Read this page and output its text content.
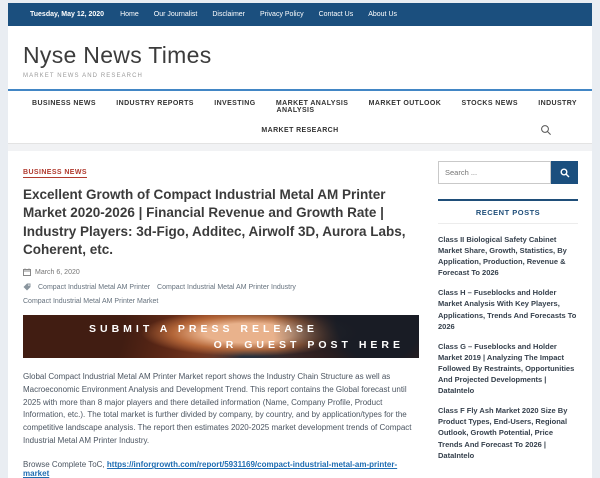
Tuesday, May 12, 2020 Home Our Journalist Disclaimer Privacy Policy Contact Us About Us
Nyse News Times
MARKET NEWS AND RESEARCH
BUSINESS NEWS	INDUSTRY REPORTS	INVESTING	MARKET ANALYSIS	MARKET OUTLOOK	STOCKS NEWS	INDUSTRY ANALYSIS
MARKET RESEARCH
BUSINESS NEWS
Excellent Growth of Compact Industrial Metal AM Printer Market 2020-2026 | Financial Revenue and Growth Rate | Industry Players: 3d-Figo, Additec, Airwolf 3D, Aurora Labs, Coherent, etc.
March 6, 2020
Compact Industrial Metal AM Printer Compact Industrial Metal AM Printer Industry
Compact Industrial Metal AM Printer Market
SUBMIT A PRESS RELEASE
OR GUEST POST HERE
Global Compact Industrial Metal AM Printer Market report shows the Industry Chain Structure as well as Macroeconomic Environment Analysis and Development Trend. This report contains the Global forecast until 2025 with more than 8 major players and there detailed information (Name, Company Profile, Product Information, etc.). The total market is further divided by company, by country, and by application/types for the competitive landscape analysis. The report then estimates 2020-2025 market development trends of Compact Industrial Metal AM Printer Industry.
Browse Complete ToC, https://inforgrowth.com/report/5931169/compact-industrial-metal-am-printer-market
Search ...
RECENT POSTS
Class II Biological Safety Cabinet Market Share, Growth, Statistics, By Application, Production, Revenue & Forecast To 2026
Class H – Fuseblocks and Holder Market Analysis With Key Players, Applications, Trends And Forecasts To 2026
Class G – Fuseblocks and Holder Market 2019 | Analyzing The Impact Followed By Restraints, Opportunities And Projected Developments | DataIntelo
Class F Fly Ash Market 2020 Size By Product Types, End-Users, Regional Outlook, Growth Potential, Price Trends And Forecast To 2026 | DataIntelo
